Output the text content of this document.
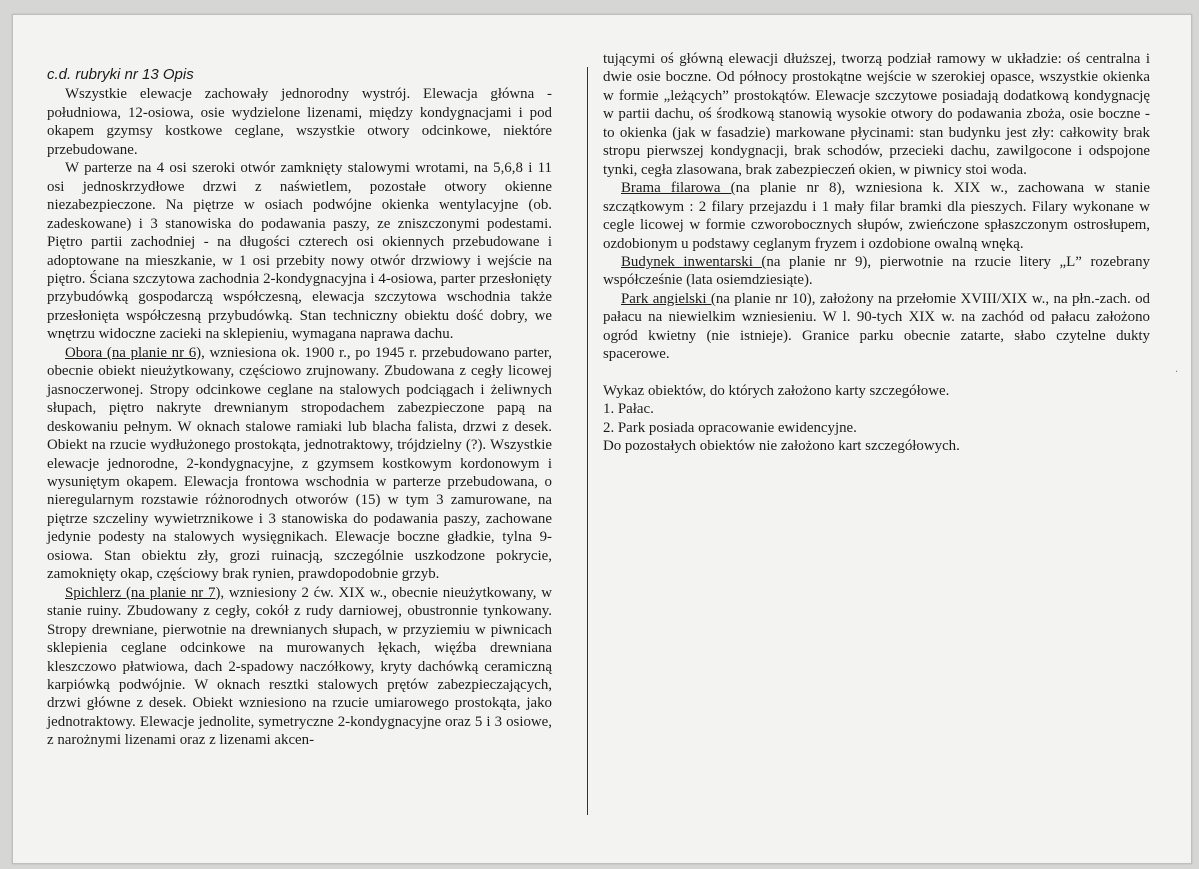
·
c.d. rubryki nr 13 Opis

Wszystkie elewacje zachowały jednorodny wystrój. Elewacja główna - południowa, 12-osiowa, osie wydzielone lizenami, między kondygnacjami i pod okapem gzymsy kostkowe ceglane, wszystkie otwory odcinkowe, niektóre przebudowane.

W parterze na 4 osi szeroki otwór zamknięty stalowymi wrotami, na 5,6,8 i 11 osi jednoskrzydłowe drzwi z naświetlem, pozostałe otwory okienne niezabezpieczone. Na piętrze w osiach podwójne okienka wentylacyjne (ob. zadeskowane) i 3 stanowiska do podawania paszy, ze zniszczonymi podestami. Piętro partii zachodniej - na długości czterech osi okiennych przebudowane i adoptowane na mieszkanie, w 1 osi przebity nowy otwór drzwiowy i wejście na piętro. Ściana szczytowa zachodnia 2-kondygnacyjna i 4-osiowa, parter przesłonięty przybudówką gospodarczą współczesną, elewacja szczytowa wschodnia także przesłonięta współczesną przybudówką. Stan techniczny obiektu dość dobry, we wnętrzu widoczne zacieki na sklepieniu, wymagana naprawa dachu.

Obora (na planie nr 6), wzniesiona ok. 1900 r., po 1945 r. przebudowano parter, obecnie obiekt nieużytkowany, częściowo zrujnowany. Zbudowana z cegły licowej jasnoczerwonej. Stropy odcinkowe ceglane na stalowych podciągach i żeliwnych słupach, piętro nakryte drewnianym stropodachem zabezpieczone papą na deskowaniu pełnym. W oknach stalowe ramiaki lub blacha falista, drzwi z desek. Obiekt na rzucie wydłużonego prostokąta, jednotraktowy, trójdzielny (?). Wszystkie elewacje jednorodne, 2-kondygnacyjne, z gzymsem kostkowym kordonowym i wysuniętym okapem. Elewacja frontowa wschodnia w parterze przebudowana, o nieregularnym rozstawie różnorodnych otworów (15) w tym 3 zamurowane, na piętrze szczeliny wywietrznikowe i 3 stanowiska do podawania paszy, zachowane jedynie podesty na stalowych wysięgnikach. Elewacje boczne gładkie, tylna 9-osiowa. Stan obiektu zły, grozi ruinacją, szczególnie uszkodzone pokrycie, zamoknięty okap, częściowy brak rynien, prawdopodobnie grzyb.

Spichlerz (na planie nr 7), wzniesiony 2 ćw. XIX w., obecnie nieużytkowany, w stanie ruiny. Zbudowany z cegły, cokół z rudy darniowej, obustronnie tynkowany. Stropy drewniane, pierwotnie na drewnianych słupach, w przyziemiu w piwnicach sklepienia ceglane odcinkowe na murowanych łękach, więźba drewniana kleszczowo płatwiowa, dach 2-spadowy naczółkowy, kryty dachówką ceramiczną karpiówką podwójnie. W oknach resztki stalowych prętów zabezpieczających, drzwi główne z desek. Obiekt wzniesiono na rzucie umiarowego prostokąta, jako jednotraktowy. Elewacje jednolite, symetryczne 2-kondygnacyjne oraz 5 i 3 osiowe, z narożnymi lizenami oraz z lizenami akcen-

tującymi oś główną elewacji dłuższej, tworzą podział ramowy w układzie: oś centralna i dwie osie boczne. Od północy prostokątne wejście w szerokiej opasce, wszystkie okienka w formie „leżących” prostokątów. Elewacje szczytowe posiadają dodatkową kondygnację w partii dachu, oś środkową stanowią wysokie otwory do podawania zboża, osie boczne - to okienka (jak w fasadzie) markowane płycinami: stan budynku jest zły: całkowity brak stropu pierwszej kondygnacji, brak schodów, przecieki dachu, zawilgocone i odspojone tynki, cegła zlasowana, brak zabezpieczeń okien, w piwnicy stoi woda.

Brama filarowa (na planie nr 8), wzniesiona k. XIX w., zachowana w stanie szczątkowym : 2 filary przejazdu i 1 mały filar bramki dla pieszych. Filary wykonane w cegle licowej w formie czworobocznych słupów, zwieńczone spłaszczonym ostrosłupem, ozdobionym u podstawy ceglanym fryzem i ozdobione owalną wnęką.

Budynek inwentarski (na planie nr 9), pierwotnie na rzucie litery „L” rozebrany współcześnie (lata osiemdziesiąte).

Park angielski (na planie nr 10), założony na przełomie XVIII/XIX w., na płn.-zach. od pałacu na niewielkim wzniesieniu. W l. 90-tych XIX w. na zachód od pałacu założono ogród kwietny (nie istnieje). Granice parku obecnie zatarte, słabo czytelne dukty spacerowe.

Wykaz obiektów, do których założono karty szczegółowe.

1. Pałac.

2. Park posiada opracowanie ewidencyjne.

Do pozostałych obiektów nie założono kart szczegółowych.
